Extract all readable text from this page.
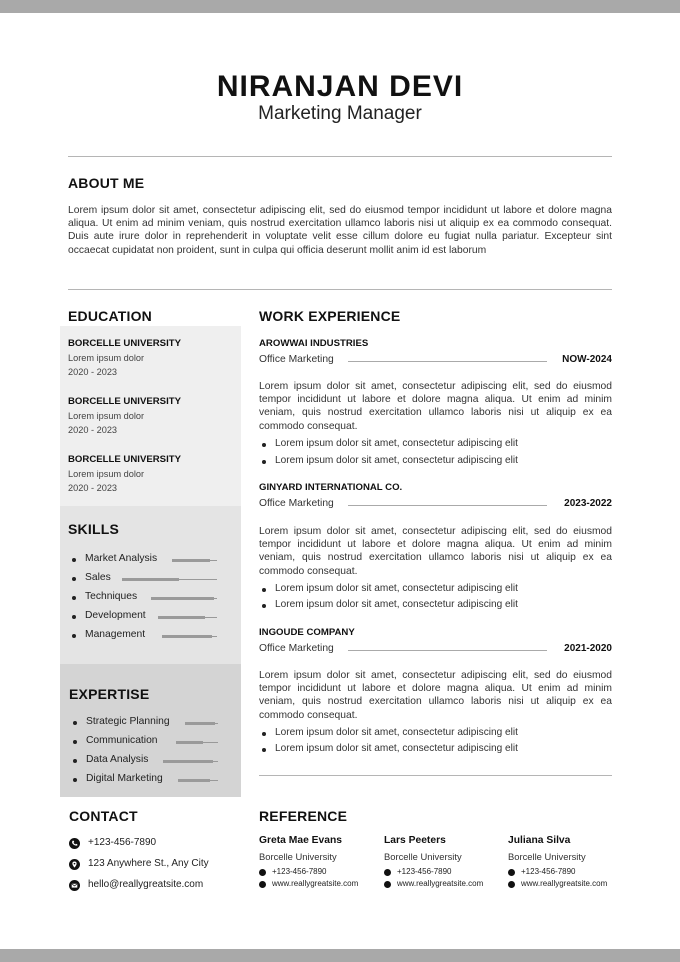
NIRANJAN DEVI
Marketing Manager
ABOUT ME
Lorem ipsum dolor sit amet, consectetur adipiscing elit, sed do eiusmod tempor incididunt ut labore et dolore magna aliqua. Ut enim ad minim veniam, quis nostrud exercitation ullamco laboris nisi ut aliquip ex ea commodo consequat. Duis aute irure dolor in reprehenderit in voluptate velit esse cillum dolore eu fugiat nulla pariatur. Excepteur sint occaecat cupidatat non proident, sunt in culpa qui officia deserunt mollit anim id est laborum
EDUCATION
BORCELLE UNIVERSITY
Lorem ipsum dolor
2020 - 2023
BORCELLE UNIVERSITY
Lorem ipsum dolor
2020 - 2023
BORCELLE UNIVERSITY
Lorem ipsum dolor
2020 - 2023
SKILLS
Market Analysis
Sales
Techniques
Development
Management
EXPERTISE
Strategic Planning
Communication
Data Analysis
Digital Marketing
WORK EXPERIENCE
AROWWAI INDUSTRIES
Office Marketing	NOW-2024
Lorem ipsum dolor sit amet, consectetur adipiscing elit, sed do eiusmod tempor incididunt ut labore et dolore magna aliqua. Ut enim ad minim veniam, quis nostrud exercitation ullamco laboris nisi ut aliquip ex ea commodo consequat.
Lorem ipsum dolor sit amet, consectetur adipiscing elit
Lorem ipsum dolor sit amet, consectetur adipiscing elit
GINYARD INTERNATIONAL CO.
Office Marketing	2023-2022
Lorem ipsum dolor sit amet, consectetur adipiscing elit, sed do eiusmod tempor incididunt ut labore et dolore magna aliqua. Ut enim ad minim veniam, quis nostrud exercitation ullamco laboris nisi ut aliquip ex ea commodo consequat.
Lorem ipsum dolor sit amet, consectetur adipiscing elit
Lorem ipsum dolor sit amet, consectetur adipiscing elit
INGOUDE COMPANY
Office Marketing	2021-2020
Lorem ipsum dolor sit amet, consectetur adipiscing elit, sed do eiusmod tempor incididunt ut labore et dolore magna aliqua. Ut enim ad minim veniam, quis nostrud exercitation ullamco laboris nisi ut aliquip ex ea commodo consequat.
Lorem ipsum dolor sit amet, consectetur adipiscing elit
Lorem ipsum dolor sit amet, consectetur adipiscing elit
CONTACT
+123-456-7890
123 Anywhere St., Any City
hello@reallygreatsite.com
REFERENCE
Greta Mae Evans
Borcelle University
+123-456-7890
www.reallygreatsite.com
Lars Peeters
Borcelle University
+123-456-7890
www.reallygreatsite.com
Juliana Silva
Borcelle University
+123-456-7890
www.reallygreatsite.com
